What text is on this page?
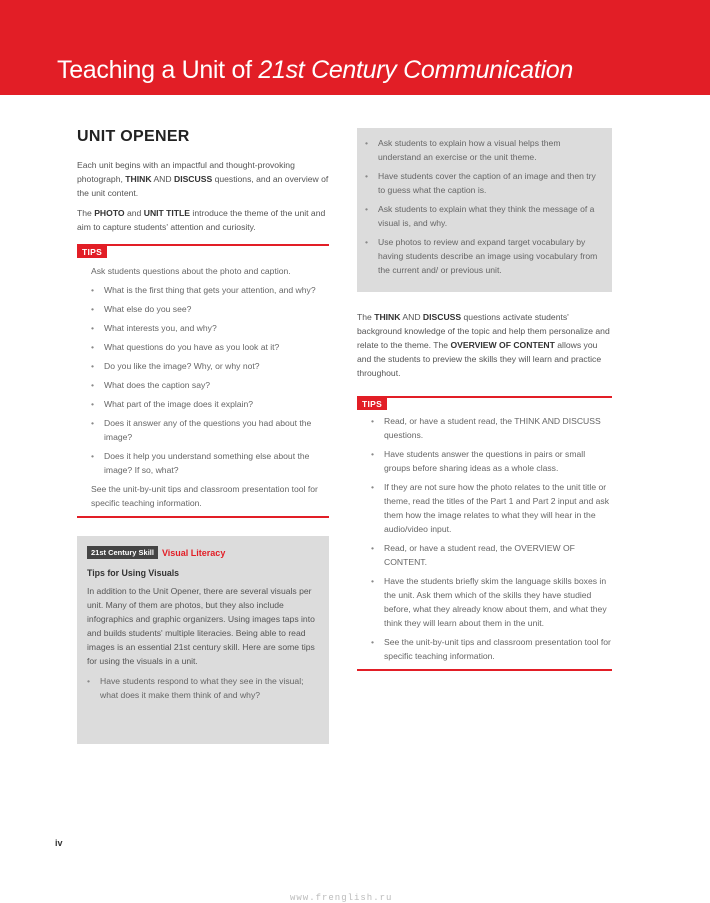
Teaching a Unit of 21st Century Communication
UNIT OPENER

Each unit begins with an impactful and thought-provoking photograph, THINK AND DISCUSS questions, and an overview of the unit content.

The PHOTO and UNIT TITLE introduce the theme of the unit and aim to capture students' attention and curiosity.

TIPS

Ask students questions about the photo and caption.

• What is the first thing that gets your attention, and why?
• What else do you see?
• What interests you, and why?
• What questions do you have as you look at it?
• Do you like the image? Why, or why not?
• What does the caption say?
• What part of the image does it explain?
• Does it answer any of the questions you had about the image?
• Does it help you understand something else about the image? If so, what?

See the unit-by-unit tips and classroom presentation tool for specific teaching information.

21st Century Skill Visual Literacy
Tips for Using Visuals

In addition to the Unit Opener, there are several visuals per unit. Many of them are photos, but they also include infographics and graphic organizers. Using images taps into and builds students' multiple literacies. Being able to read images is an essential 21st century skill. Here are some tips for using the visuals in a unit.

• Have students respond to what they see in the visual; what does it make them think of and why?
• Ask students to explain how a visual helps them understand an exercise or the unit theme.
• Have students cover the caption of an image and then try to guess what the caption is.
• Ask students to explain what they think the message of a visual is, and why.
• Use photos to review and expand target vocabulary by having students describe an image using vocabulary from the current and/ or previous unit.

The THINK AND DISCUSS questions activate students' background knowledge of the topic and help them personalize and relate to the theme. The OVERVIEW OF CONTENT allows you and the students to preview the skills they will learn and practice throughout.

TIPS
• Read, or have a student read, the THINK AND DISCUSS questions.
• Have students answer the questions in pairs or small groups before sharing ideas as a whole class.
• If they are not sure how the photo relates to the unit title or theme, read the titles of the Part 1 and Part 2 input and ask them how the image relates to what they will hear in the audio/video input.
• Read, or have a student read, the OVERVIEW OF CONTENT.
• Have the students briefly skim the language skills boxes in the unit. Ask them which of the skills they have studied before, what they already know about them, and what they think they will learn about them in the unit.
• See the unit-by-unit tips and classroom presentation tool for specific teaching information.
iv
www.frenglish.ru
